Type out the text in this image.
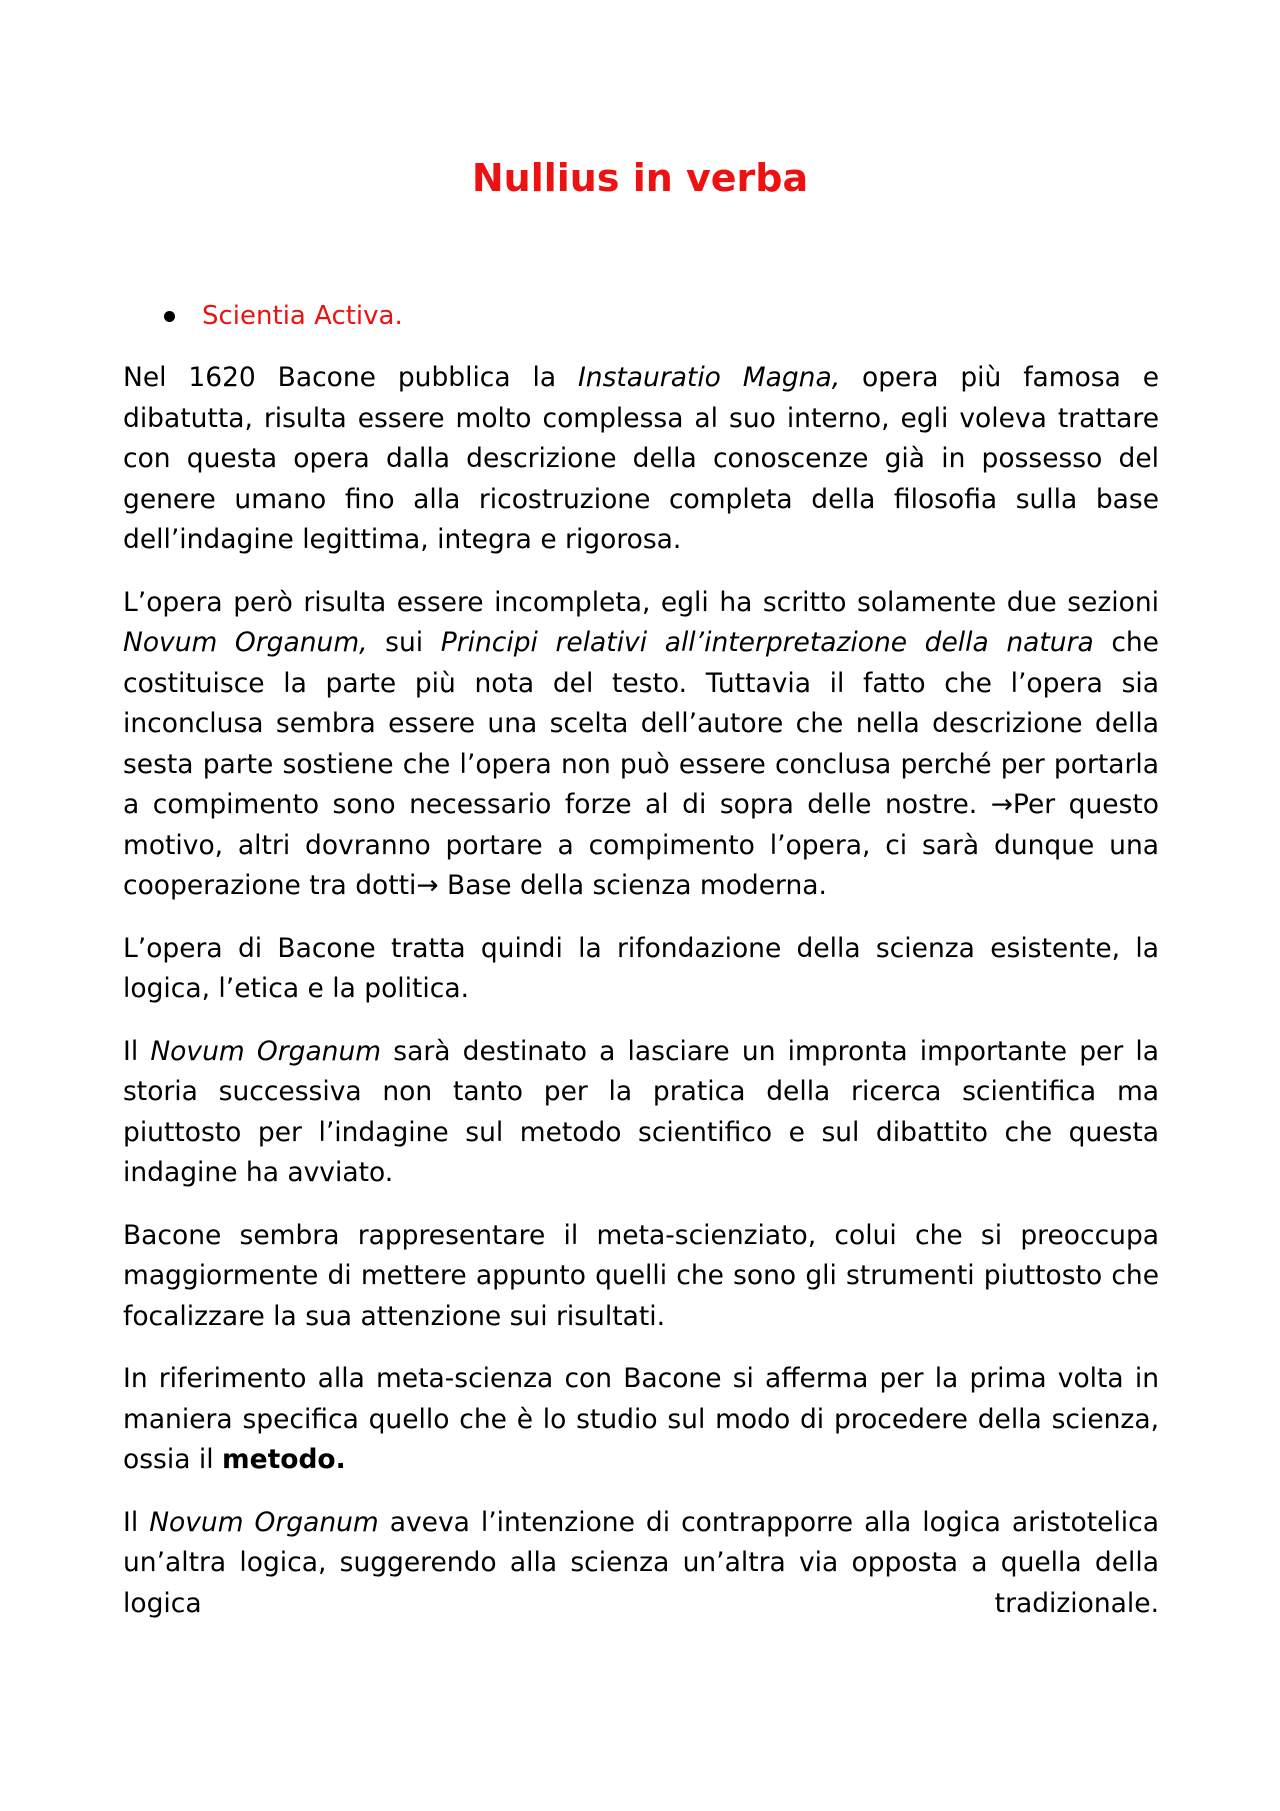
Nullius in verba
Scientia Activa.

Nel 1620 Bacone pubblica la Instauratio Magna, opera più famosa e dibatutta, risulta essere molto complessa al suo interno, egli voleva trattare con questa opera dalla descrizione della conoscenze già in possesso del genere umano fino alla ricostruzione completa della filosofia sulla base dell’indagine legittima, integra e rigorosa.

L’opera però risulta essere incompleta, egli ha scritto solamente due sezioni Novum Organum, sui Principi relativi all’interpretazione della natura che costituisce la parte più nota del testo. Tuttavia il fatto che l’opera sia inconclusa sembra essere una scelta dell’autore che nella descrizione della sesta parte sostiene che l’opera non può essere conclusa perché per portarla a compimento sono necessario forze al di sopra delle nostre. →Per questo motivo, altri dovranno portare a compimento l’opera, ci sarà dunque una cooperazione tra dotti→ Base della scienza moderna.

L’opera di Bacone tratta quindi la rifondazione della scienza esistente, la logica, l’etica e la politica.

Il Novum Organum sarà destinato a lasciare un impronta importante per la storia successiva non tanto per la pratica della ricerca scientifica ma piuttosto per l’indagine sul metodo scientifico e sul dibattito che questa indagine ha avviato.

Bacone sembra rappresentare il meta-scienziato, colui che si preoccupa maggiormente di mettere appunto quelli che sono gli strumenti piuttosto che focalizzare la sua attenzione sui risultati.

In riferimento alla meta-scienza con Bacone si afferma per la prima volta in maniera specifica quello che è lo studio sul modo di procedere della scienza, ossia il metodo.

Il Novum Organum aveva l’intenzione di contrapporre alla logica aristotelica un’altra logica, suggerendo alla scienza un’altra via opposta a quella della logica tradizionale.
